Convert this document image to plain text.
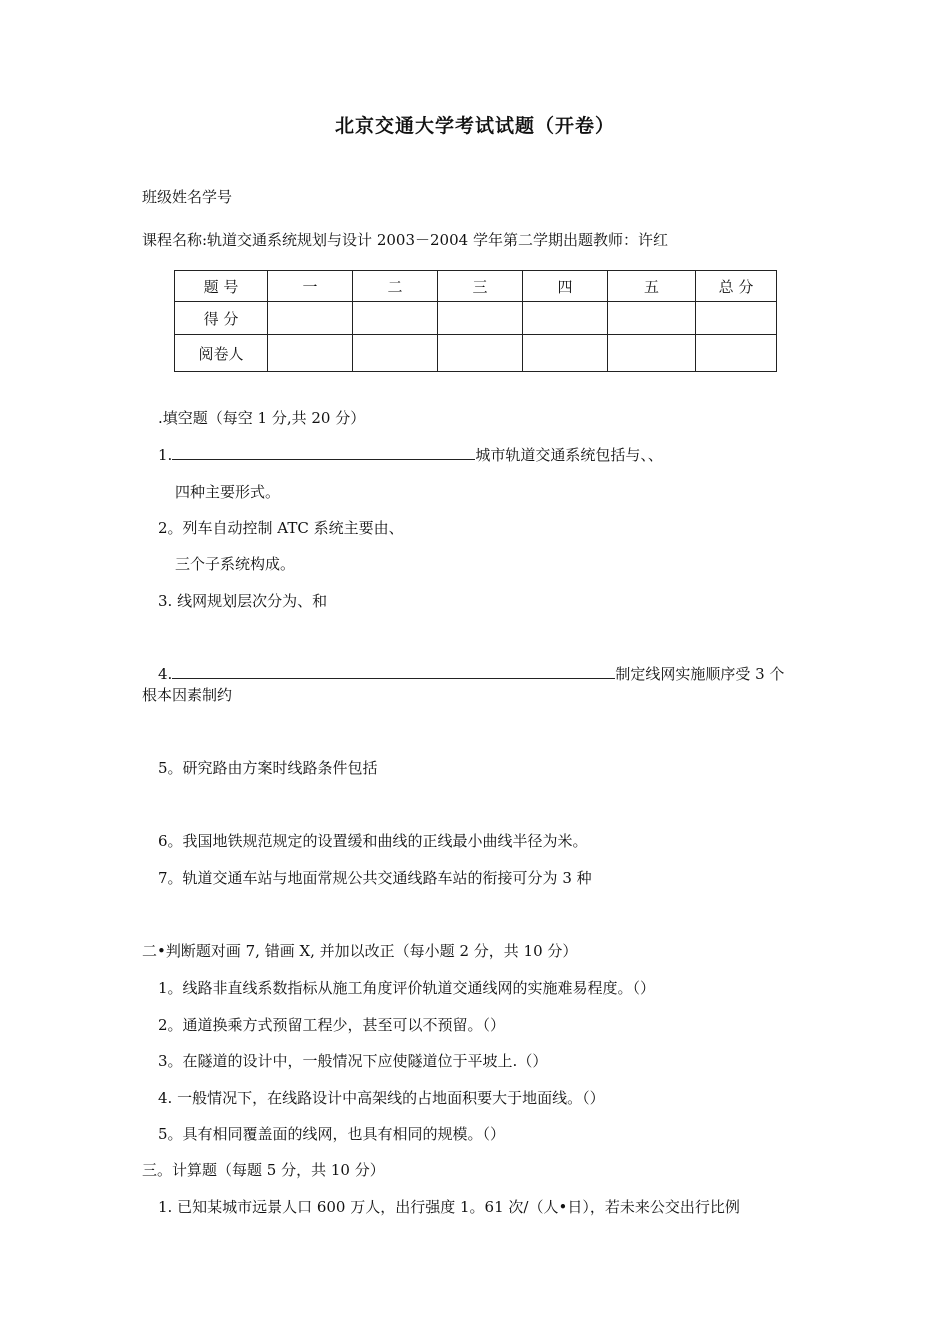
北京交通大学考试试题（开卷）
班级姓名学号
课程名称:轨道交通系统规划与设计 2003－2004 学年第二学期出题教师：许红
题 号	一	二	三	四	五	总 分
得 分						
阅卷人						
.填空题（每空 1 分,共 20 分）
1.	城市轨道交通系统包括与、、
四种主要形式。
2。列车自动控制 ATC 系统主要由、
三个子系统构成。
3. 线网规划层次分为、和
4.	制定线网实施顺序受 3 个
根本因素制约
5。研究路由方案时线路条件包括
6。我国地铁规范规定的设置缓和曲线的正线最小曲线半径为米。
7。轨道交通车站与地面常规公共交通线路车站的衔接可分为 3 种
二•判断题对画 7, 错画 X, 并加以改正（每小题 2 分，共 10 分）
1。线路非直线系数指标从施工角度评价轨道交通线网的实施难易程度。（）
2。通道换乘方式预留工程少，甚至可以不预留。（）
3。在隧道的设计中，一般情况下应使隧道位于平坡上.（）
4. 一般情况下，在线路设计中高架线的占地面积要大于地面线。（）
5。具有相同覆盖面的线网，也具有相同的规模。（）
三。计算题（每题 5 分，共 10 分）
1. 已知某城市远景人口 600 万人，出行强度 1。61 次/（人•日），若未来公交出行比例
